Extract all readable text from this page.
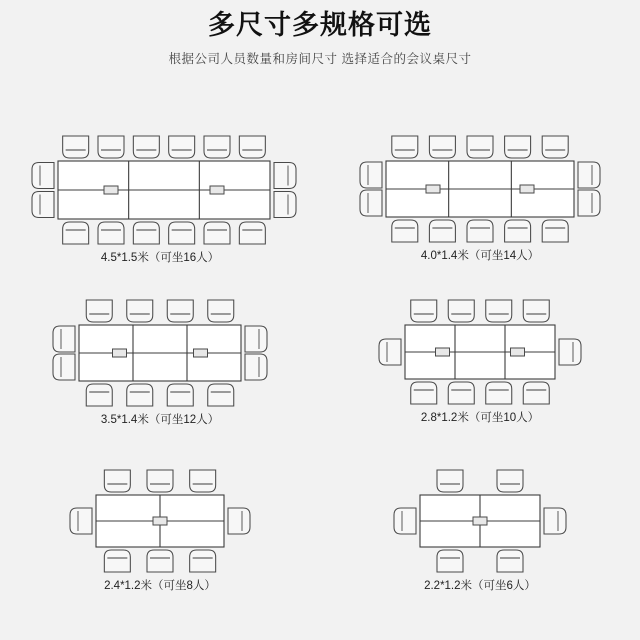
多尺寸多规格可选
根据公司人员数量和房间尺寸 选择适合的会议桌尺寸
4.5*1.5米（可坐16人）	4.0*1.4米（可坐14人）
3.5*1.4米（可坐12人）	2.8*1.2米（可坐10人）
2.4*1.2米（可坐8人）	2.2*1.2米（可坐6人）
